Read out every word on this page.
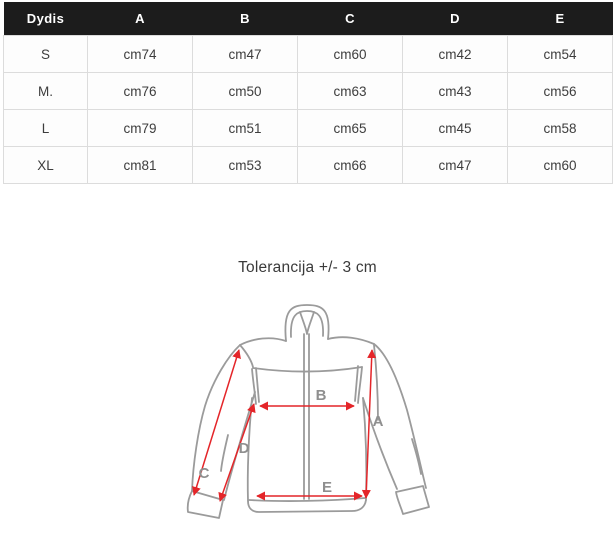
Dydis	A	B	C	D	E
S	cm74	cm47	cm60	cm42	cm54
M.	cm76	cm50	cm63	cm43	cm56
L	cm79	cm51	cm65	cm45	cm58
XL	cm81	cm53	cm66	cm47	cm60
Tolerancija +/- 3 cm
A
B
C
D
E
